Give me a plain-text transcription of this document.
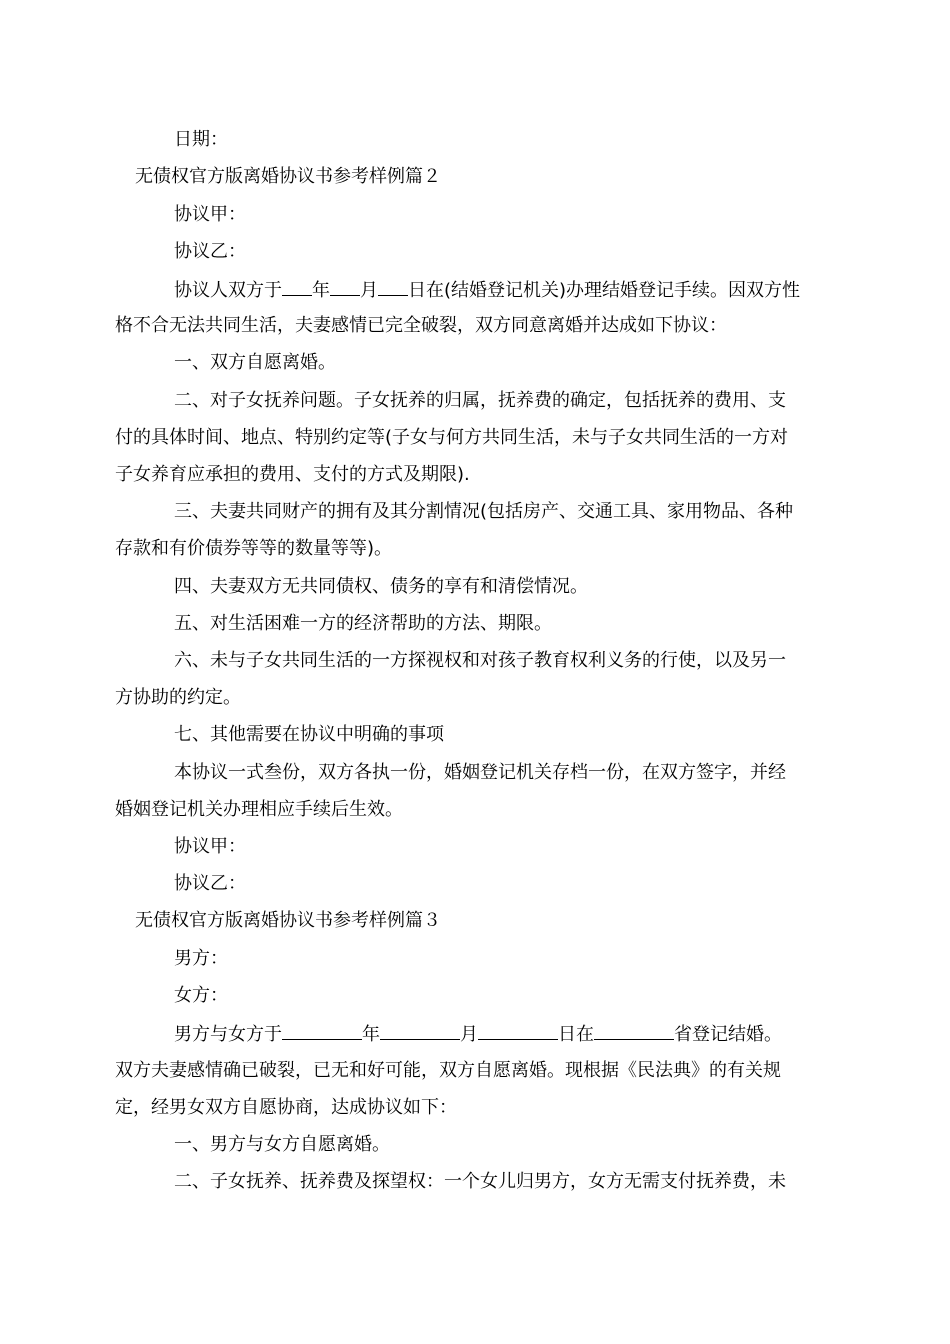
日期：
无债权官方版离婚协议书参考样例篇２
协议甲：
协议乙：
协议人双方于 年 月 日在(结婚登记机关)办理结婚登记手续。因双方性
格不合无法共同生活，夫妻感情已完全破裂，双方同意离婚并达成如下协议：
一、双方自愿离婚。
二、对子女抚养问题。子女抚养的归属，抚养费的确定，包括抚养的费用、支
付的具体时间、地点、特别约定等(子女与何方共同生活，未与子女共同生活的一方对
子女养育应承担的费用、支付的方式及期限).
三、夫妻共同财产的拥有及其分割情况(包括房产、交通工具、家用物品、各种
存款和有价债券等等的数量等等)。
四、夫妻双方无共同债权、债务的享有和清偿情况。
五、对生活困难一方的经济帮助的方法、期限。
六、未与子女共同生活的一方探视权和对孩子教育权利义务的行使，以及另一
方协助的约定。
七、其他需要在协议中明确的事项
本协议一式叁份，双方各执一份，婚姻登记机关存档一份，在双方签字，并经
婚姻登记机关办理相应手续后生效。
协议甲：
协议乙：
无债权官方版离婚协议书参考样例篇３
男方：
女方：
男方与女方于	年	月	日在	省登记结婚。
双方夫妻感情确已破裂，已无和好可能，双方自愿离婚。现根据《民法典》的有关规
定，经男女双方自愿协商，达成协议如下：
一、男方与女方自愿离婚。
二、子女抚养、抚养费及探望权：一个女儿归男方，女方无需支付抚养费，未
